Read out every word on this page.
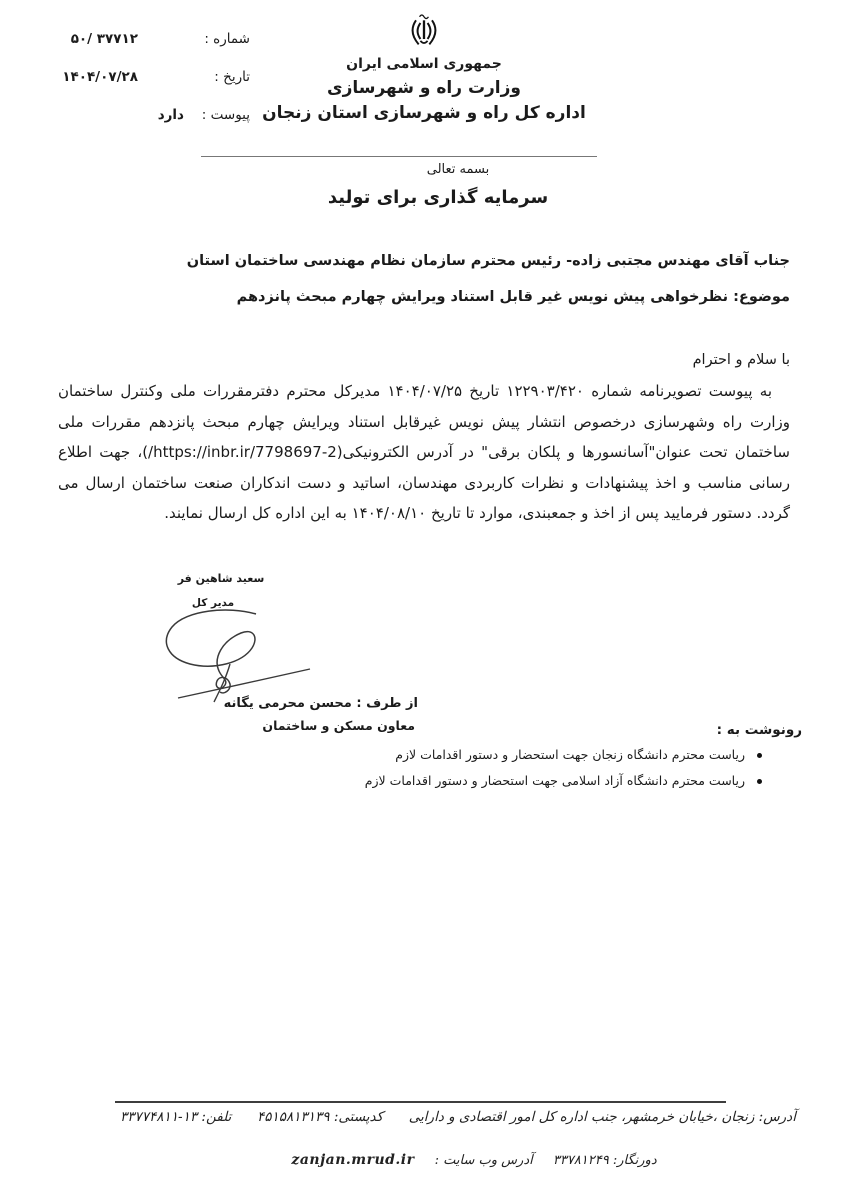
شماره :
۵۰/ ۳۷۷۱۲
تاریخ :
۱۴۰۴/۰۷/۲۸
پیوست :
دارد
جمهوری اسلامی ایران
وزارت راه و شهرسازی
اداره کل راه و شهرسازی استان زنجان
بسمه تعالی
سرمایه گذاری برای تولید
جناب آقای مهندس مجتبی زاده- رئیس محترم سازمان نظام مهندسی ساختمان استان
موضوع: نظرخواهی پیش نویس غیر قابل استناد ویرایش چهارم مبحث پانزدهم
با سلام و احترام

به پیوست تصویرنامه شماره ۱۲۲۹۰۳/۴۲۰ تاریخ ۱۴۰۴/۰۷/۲۵ مدیرکل محترم دفترمقررات ملی وکنترل ساختمان وزارت راه وشهرسازی درخصوص انتشار پیش نویس غیرقابل استناد ویرایش چهارم مبحث پانزدهم مقررات ملی ساختمان تحت عنوان"آسانسورها و پلکان برقی" در آدرس الکترونیکی(https://inbr.ir/7798697-2/)، جهت اطلاع رسانی مناسب و اخذ پیشنهادات و نظرات کاربردی مهندسان، اساتید و دست اندکاران صنعت ساختمان ارسال می گردد. دستور فرمایید پس از اخذ و جمعبندی، موارد تا تاریخ ۱۴۰۴/۰۸/۱۰ به این اداره کل ارسال نمایند.

سعید شاهین فر
مدیر کل
از طرف : محسن محرمی یگانه
معاون مسکن و ساختمان	رونوشت به :
ریاست محترم دانشگاه زنجان جهت استحضار و دستور اقدامات لازم
ریاست محترم دانشگاه آزاد اسلامی جهت استحضار و دستور اقدامات لازم
آدرس: زنجان ،خیابان خرمشهر، جنب اداره کل امور اقتصادی و دارایی      کدپستی: ۴۵۱۵۸۱۳۱۳۹      تلفن: ۱۳-۳۳۷۷۴۸۱۱
دورنگار: ۳۳۷۸۱۲۴۹ آدرس وب سایت : zanjan.mrud.ir
